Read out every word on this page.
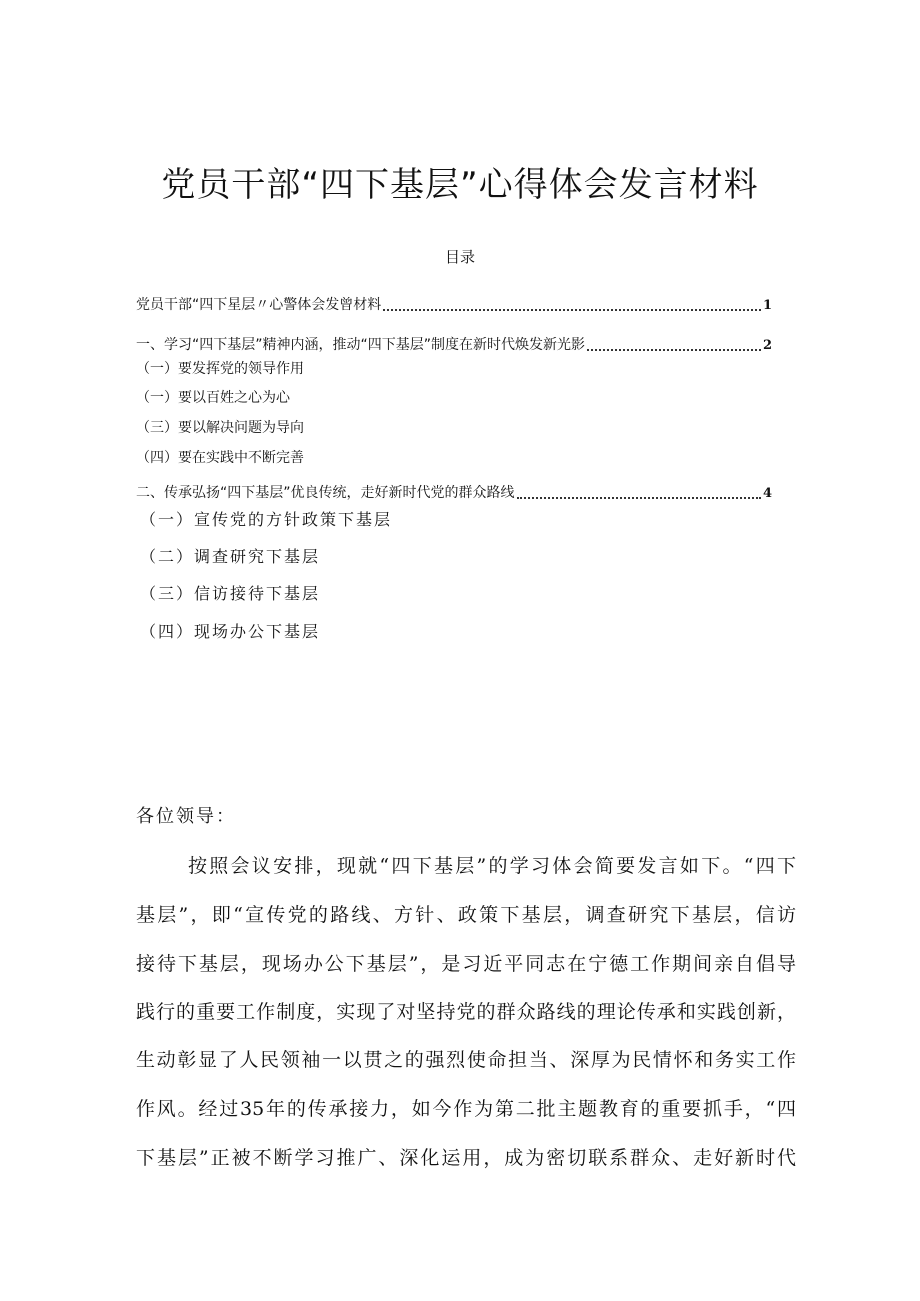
党员干部“四下基层”心得体会发言材料
目录
党员干部“四下星层〃心警体会发曾材料	1
一、学习“四下基层”精神内涵，推动“四下基层”制度在新时代焕发新光影	2
（一）要发挥党的领导作用
（一）要以百姓之心为心
（三）要以解决问题为导向
（四）要在实践中不断完善
二、传承弘扬“四下基层”优良传统，走好新时代党的群众路线	4
（一）宣传党的方针政策下基层
（二）调查研究下基层
（三）信访接待下基层
（四）现场办公下基层
各位领导：
按照会议安排，现就“四下基层”的学习体会简要发言如下。“四下
基层”，即“宣传党的路线、方针、政策下基层，调查研究下基层，信访
接待下基层，现场办公下基层”，是习近平同志在宁德工作期间亲自倡导
践行的重要工作制度，实现了对坚持党的群众路线的理论传承和实践创新，
生动彰显了人民领袖一以贯之的强烈使命担当、深厚为民情怀和务实工作
作风。经过35年的传承接力，如今作为第二批主题教育的重要抓手，“四
下基层”正被不断学习推广、深化运用，成为密切联系群众、走好新时代
